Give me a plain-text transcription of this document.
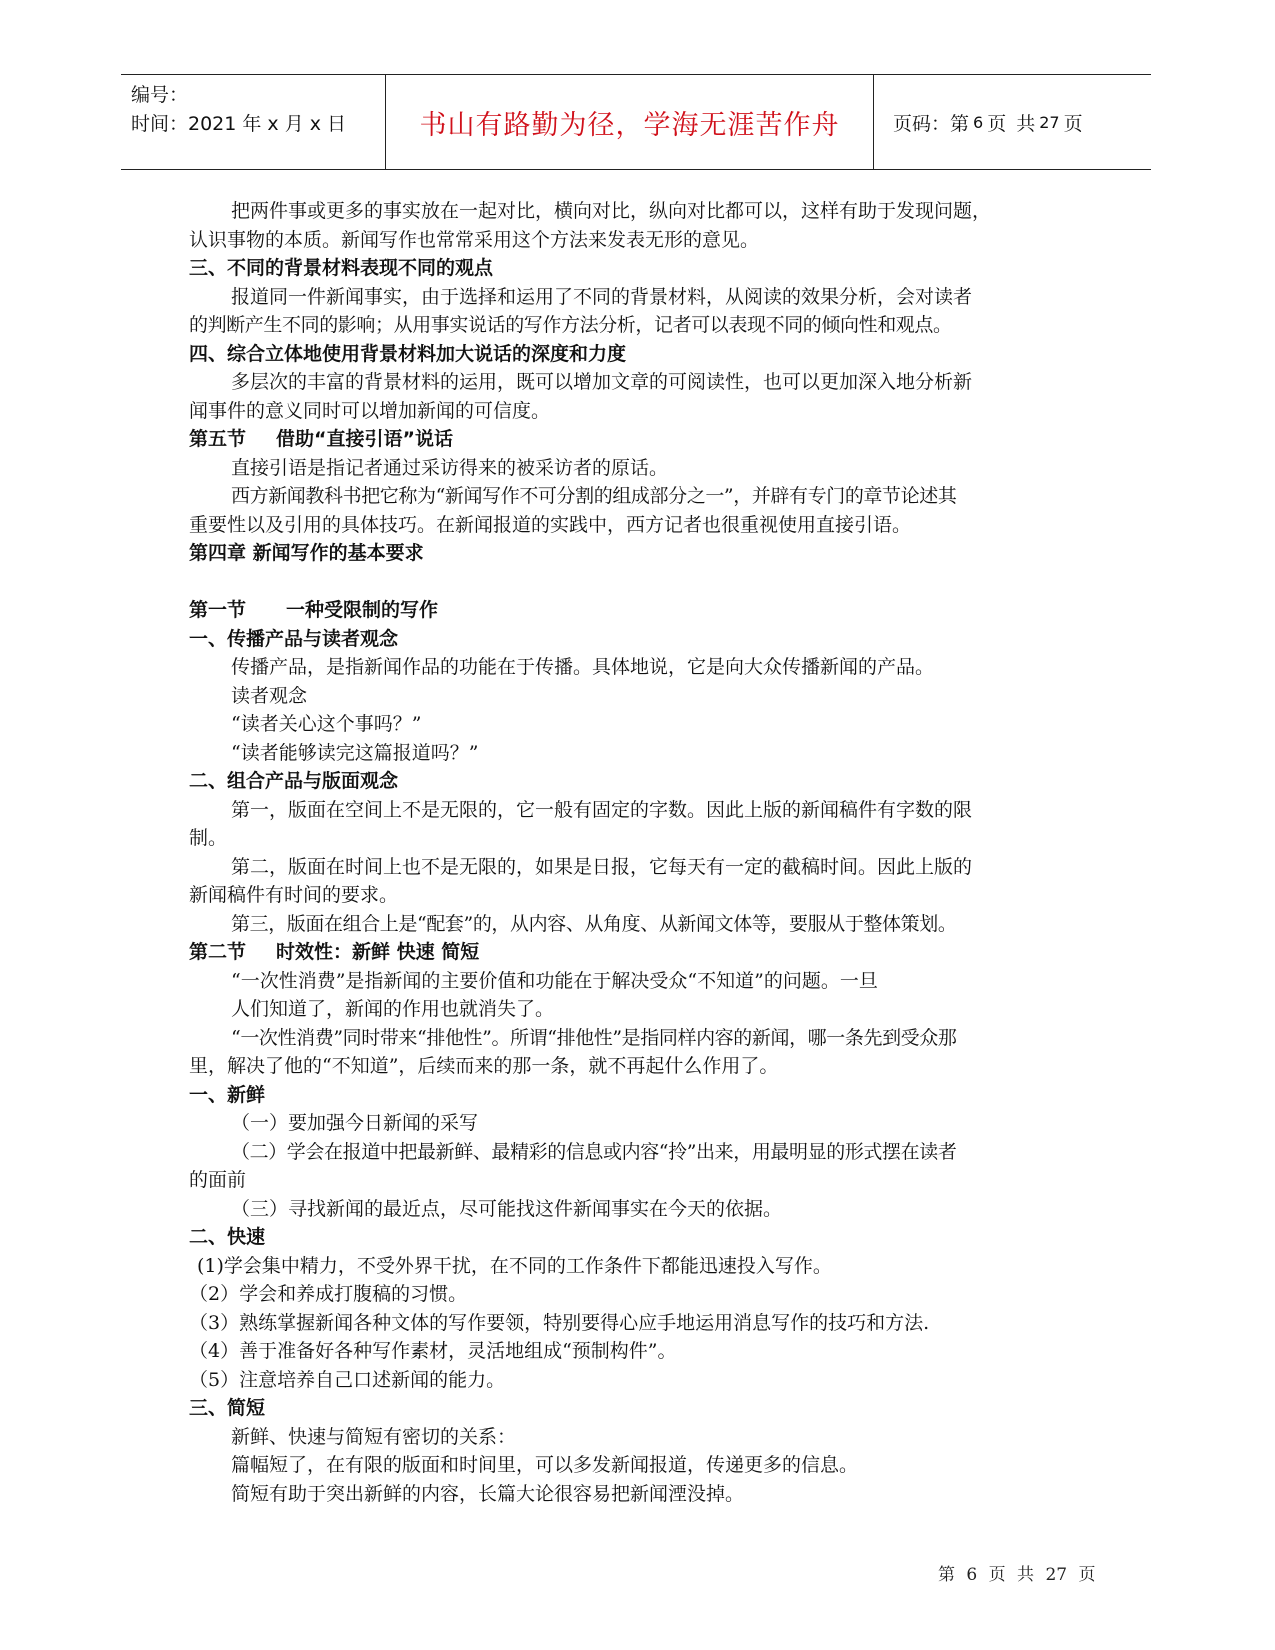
编号：
时间：2021 年 x 月 x 日	书山有路勤为径，学海无涯苦作舟	页码：第 6 页 共 27 页
把两件事或更多的事实放在一起对比，横向对比，纵向对比都可以，这样有助于发现问题，
认识事物的本质。新闻写作也常常采用这个方法来发表无形的意见。
三、不同的背景材料表现不同的观点
报道同一件新闻事实，由于选择和运用了不同的背景材料，从阅读的效果分析，会对读者
的判断产生不同的影响；从用事实说话的写作方法分析，记者可以表现不同的倾向性和观点。
四、综合立体地使用背景材料加大说话的深度和力度
多层次的丰富的背景材料的运用，既可以增加文章的可阅读性，也可以更加深入地分析新
闻事件的意义同时可以增加新闻的可信度。
第五节 借助“直接引语”说话
直接引语是指记者通过采访得来的被采访者的原话。
西方新闻教科书把它称为“新闻写作不可分割的组成部分之一”，并辟有专门的章节论述其
重要性以及引用的具体技巧。在新闻报道的实践中，西方记者也很重视使用直接引语。
第四章 新闻写作的基本要求
第一节 一种受限制的写作
一、传播产品与读者观念
传播产品，是指新闻作品的功能在于传播。具体地说，它是向大众传播新闻的产品。
读者观念
“读者关心这个事吗？”
“读者能够读完这篇报道吗？”
二、组合产品与版面观念
第一，版面在空间上不是无限的，它一般有固定的字数。因此上版的新闻稿件有字数的限
制。
第二，版面在时间上也不是无限的，如果是日报，它每天有一定的截稿时间。因此上版的
新闻稿件有时间的要求。
第三，版面在组合上是“配套”的，从内容、从角度、从新闻文体等，要服从于整体策划。
第二节 时效性：新鲜 快速 简短
“一次性消费”是指新闻的主要价值和功能在于解决受众“不知道”的问题。一旦
人们知道了，新闻的作用也就消失了。
“一次性消费”同时带来“排他性”。所谓“排他性”是指同样内容的新闻，哪一条先到受众那
里，解决了他的“不知道”，后续而来的那一条，就不再起什么作用了。
一、新鲜
（一）要加强今日新闻的采写
（二）学会在报道中把最新鲜、最精彩的信息或内容“拎”出来，用最明显的形式摆在读者
的面前
（三）寻找新闻的最近点，尽可能找这件新闻事实在今天的依据。
二、快速
(1)学会集中精力，不受外界干扰，在不同的工作条件下都能迅速投入写作。
（2）学会和养成打腹稿的习惯。
（3）熟练掌握新闻各种文体的写作要领，特别要得心应手地运用消息写作的技巧和方法.
（4）善于准备好各种写作素材，灵活地组成“预制构件”。
（5）注意培养自己口述新闻的能力。
三、简短
新鲜、快速与简短有密切的关系：
篇幅短了，在有限的版面和时间里，可以多发新闻报道，传递更多的信息。
简短有助于突出新鲜的内容，长篇大论很容易把新闻湮没掉。
第 6 页 共 27 页
